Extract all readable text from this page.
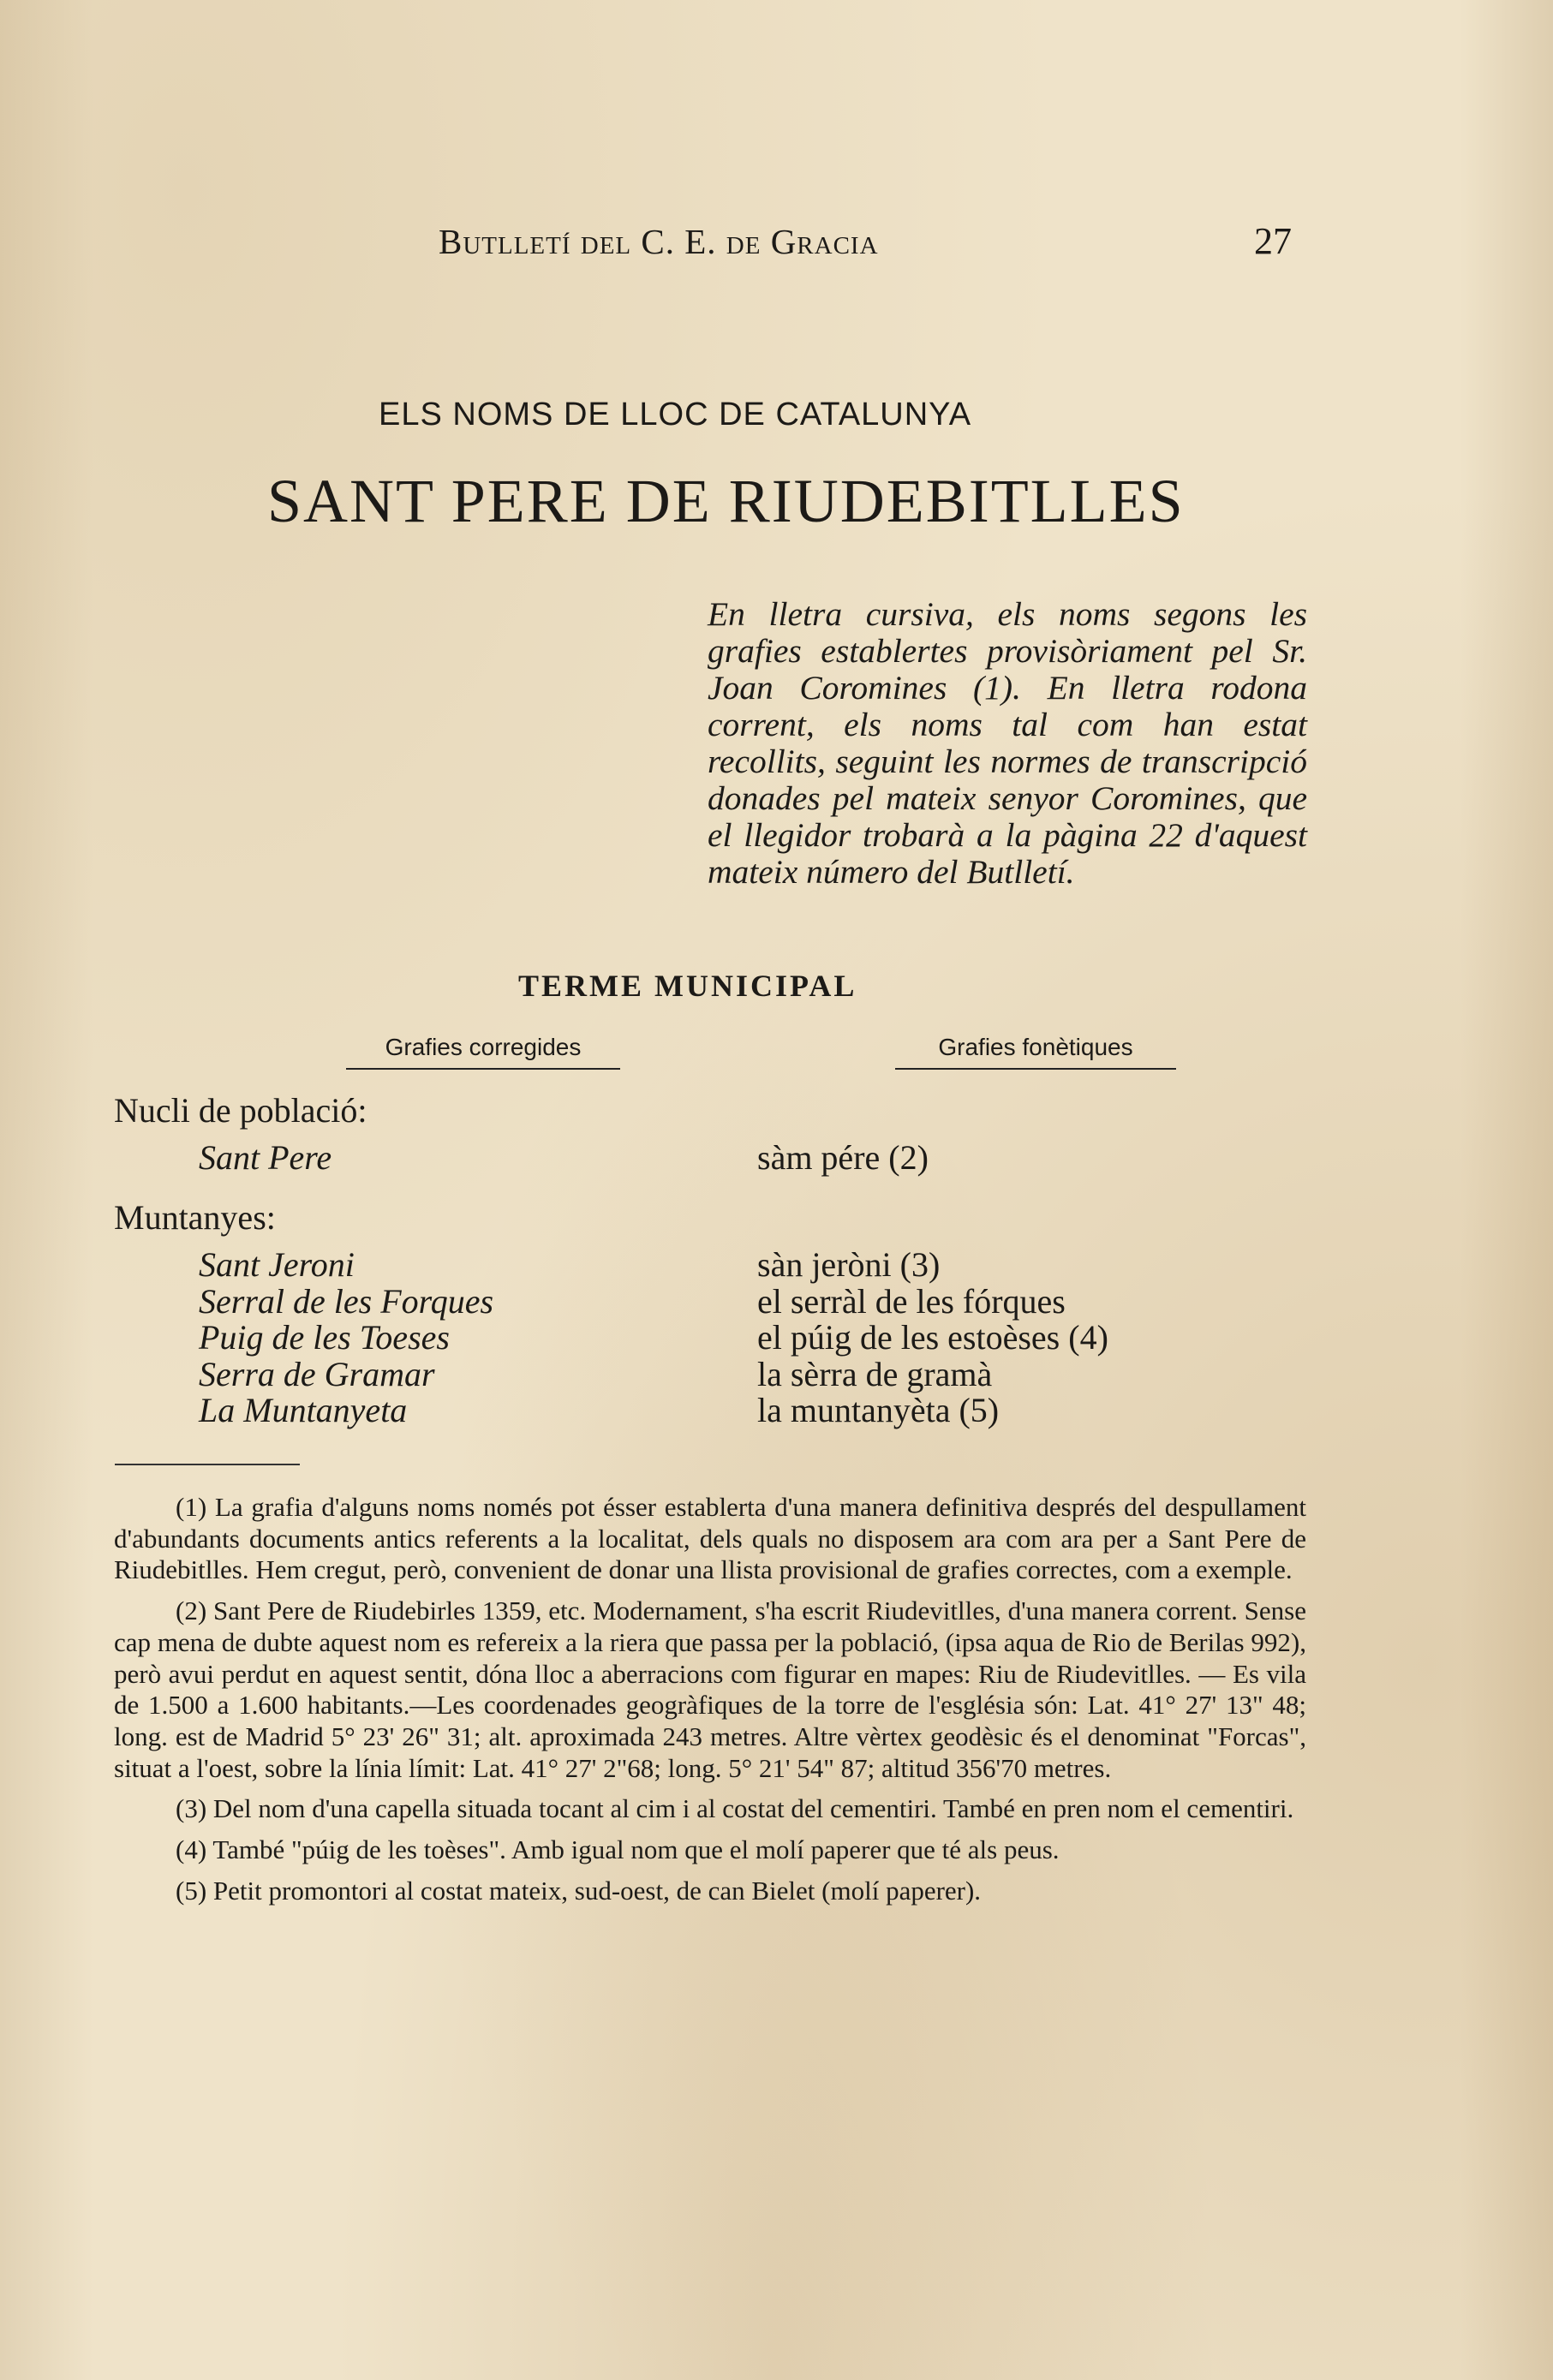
Butlletí del C. E. de Gracia	27
ELS NOMS DE LLOC DE CATALUNYA
SANT PERE DE RIUDEBITLLES
En lletra cursiva, els noms segons les grafies establertes provisòriament pel Sr. Joan Coromines (1). En lletra rodona corrent, els noms tal com han estat recollits, seguint les normes de transcripció donades pel mateix senyor Coromines, que el llegidor trobarà a la pàgina 22 d'aquest mateix número del Butlletí.
TERME MUNICIPAL
Grafies corregides	Grafies fonètiques
Nucli de població:
Sant Pere	sàm pére (2)
Muntanyes:
Sant Jeroni	sàn jeròni (3)
Serral de les Forques	el serràl de les fórques
Puig de les Toeses	el púig de les estoèses (4)
Serra de Gramar	la sèrra de gramà
La Muntanyeta	la muntanyèta (5)

(1) La grafia d'alguns noms només pot ésser establerta d'una manera definitiva després del despullament d'abundants documents antics referents a la localitat, dels quals no disposem ara com ara per a Sant Pere de Riudebitlles. Hem cregut, però, convenient de donar una llista provisional de grafies correctes, com a exemple.

(2) Sant Pere de Riudebirles 1359, etc. Modernament, s'ha escrit Riudevitlles, d'una manera corrent. Sense cap mena de dubte aquest nom es refereix a la riera que passa per la població, (ipsa aqua de Rio de Berilas 992), però avui perdut en aquest sentit, dóna lloc a aberracions com figurar en mapes: Riu de Riudevitlles. — Es vila de 1.500 a 1.600 habitants.—Les coordenades geogràfiques de la torre de l'església són: Lat. 41° 27' 13" 48; long. est de Madrid 5° 23' 26" 31; alt. aproximada 243 metres. Altre vèrtex geodèsic és el denominat "Forcas", situat a l'oest, sobre la línia límit: Lat. 41° 27' 2"68; long. 5° 21' 54" 87; altitud 356'70 metres.

(3) Del nom d'una capella situada tocant al cim i al costat del cementiri. També en pren nom el cementiri.

(4) També "púig de les toèses". Amb igual nom que el molí paperer que té als peus.

(5) Petit promontori al costat mateix, sud-oest, de can Bielet (molí paperer).
